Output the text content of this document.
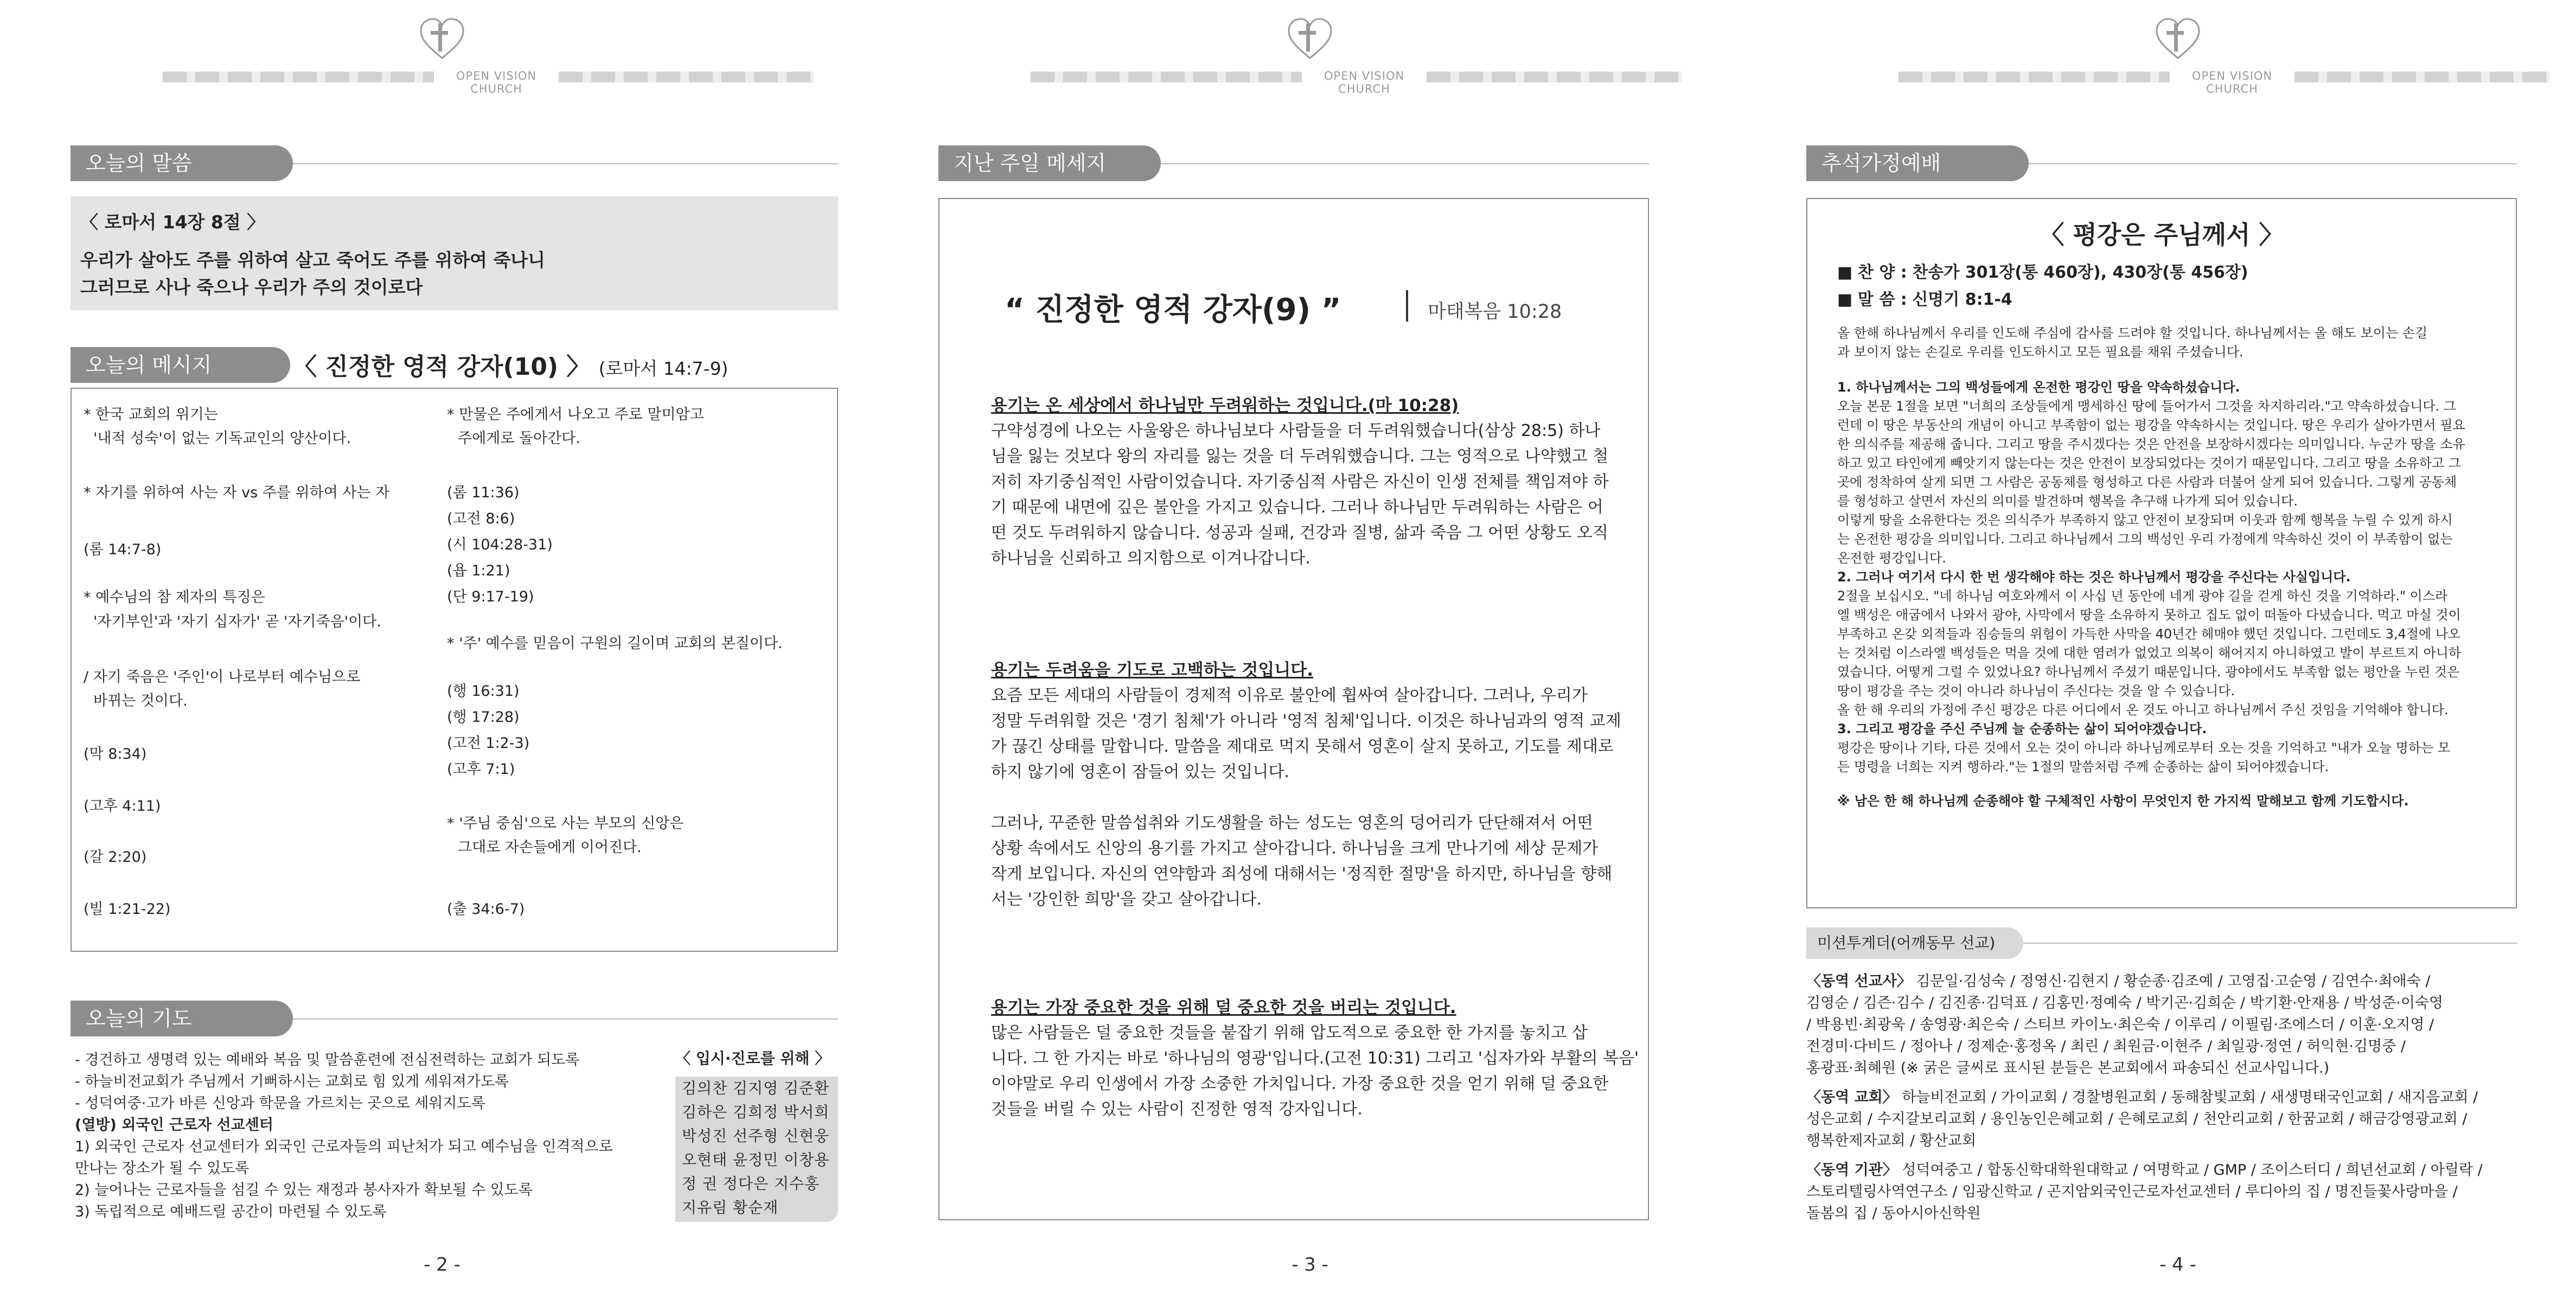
OPEN VISION CHURCH
오늘의 말씀
〈 로마서 14장 8절 〉
우리가 살아도 주를 위하여 살고 죽어도 주를 위하여 죽나니
그러므로 사나 죽으나 우리가 주의 것이로다
오늘의 메시지	〈 진정한 영적 강자(10) 〉 (로마서 14:7-9)
* 한국 교회의 위기는
'내적 성숙'이 없는 기독교인의 양산이다.
* 자기를 위하여 사는 자 vs 주를 위하여 사는 자
(롬 14:7-8)
* 예수님의 참 제자의 특징은
'자기부인'과 '자기 십자가' 곧 '자기죽음'이다.
/ 자기 죽음은 '주인'이 나로부터 예수님으로
바뀌는 것이다.
(막 8:34)
(고후 4:11)
(갈 2:20)
(빌 1:21-22)
* 만물은 주에게서 나오고 주로 말미암고
주에게로 돌아간다.
(롬 11:36)
(고전 8:6)
(시 104:28-31)
(욥 1:21)
(단 9:17-19)
* '주' 예수를 믿음이 구원의 길이며 교회의 본질이다.
(행 16:31)
(행 17:28)
(고전 1:2-3)
(고후 7:1)
* '주님 중심'으로 사는 부모의 신앙은
그대로 자손들에게 이어진다.
(출 34:6-7)
오늘의 기도
- 경건하고 생명력 있는 예배와 복음 및 말씀훈련에 전심전력하는 교회가 되도록
- 하늘비전교회가 주님께서 기뻐하시는 교회로 힘 있게 세워져가도록
- 성덕여중·고가 바른 신앙과 학문을 가르치는 곳으로 세워지도록
(열방) 외국인 근로자 선교센터
1) 외국인 근로자 선교센터가 외국인 근로자들의 피난처가 되고 예수님을 인격적으로
만나는 장소가 될 수 있도록
2) 늘어나는 근로자들을 섬길 수 있는 재정과 봉사자가 확보될 수 있도록
3) 독립적으로 예배드릴 공간이 마련될 수 있도록
〈 입시·진로를 위해 〉
김의찬 김지영 김준환
김하은 김희정 박서희
박성진 선주형 신현웅
오현태 윤정민 이창용
정 권 정다은 지수홍
지유림 황순재
- 2 -
OPEN VISION CHURCH
지난 주일 메세지
“ 진정한 영적 강자(9) ”	마태복음 10:28
용기는 온 세상에서 하나님만 두려워하는 것입니다.(마 10:28)
구약성경에 나오는 사울왕은 하나님보다 사람들을 더 두려워했습니다(삼상 28:5) 하나
님을 잃는 것보다 왕의 자리를 잃는 것을 더 두려워했습니다. 그는 영적으로 나약했고 철
저히 자기중심적인 사람이었습니다. 자기중심적 사람은 자신이 인생 전체를 책임져야 하
기 때문에 내면에 깊은 불안을 가지고 있습니다. 그러나 하나님만 두려워하는 사람은 어
떤 것도 두려워하지 않습니다. 성공과 실패, 건강과 질병, 삶과 죽음 그 어떤 상황도 오직
하나님을 신뢰하고 의지함으로 이겨나갑니다.
용기는 두려움을 기도로 고백하는 것입니다.
요즘 모든 세대의 사람들이 경제적 이유로 불안에 휩싸여 살아갑니다. 그러나, 우리가
정말 두려워할 것은 '경기 침체'가 아니라 '영적 침체'입니다. 이것은 하나님과의 영적 교제
가 끊긴 상태를 말합니다. 말씀을 제대로 먹지 못해서 영혼이 살지 못하고, 기도를 제대로
하지 않기에 영혼이 잠들어 있는 것입니다.

그러나, 꾸준한 말씀섭취와 기도생활을 하는 성도는 영혼의 덩어리가 단단해져서 어떤
상황 속에서도 신앙의 용기를 가지고 살아갑니다. 하나님을 크게 만나기에 세상 문제가
작게 보입니다. 자신의 연약함과 죄성에 대해서는 '정직한 절망'을 하지만, 하나님을 향해
서는 '강인한 희망'을 갖고 살아갑니다.
용기는 가장 중요한 것을 위해 덜 중요한 것을 버리는 것입니다.
많은 사람들은 덜 중요한 것들을 붙잡기 위해 압도적으로 중요한 한 가지를 놓치고 삽
니다. 그 한 가지는 바로 '하나님의 영광'입니다.(고전 10:31) 그리고 '십자가와 부활의 복음'
이야말로 우리 인생에서 가장 소중한 가치입니다. 가장 중요한 것을 얻기 위해 덜 중요한
것들을 버릴 수 있는 사람이 진정한 영적 강자입니다.
- 3 -
OPEN VISION CHURCH
추석가정예배
〈 평강은 주님께서 〉
■ 찬 양 : 찬송가 301장(통 460장), 430장(통 456장)
■ 말 씀 : 신명기 8:1-4
올 한해 하나님께서 우리를 인도해 주심에 감사를 드려야 할 것입니다. 하나님께서는 올 해도 보이는 손길
과 보이지 않는 손길로 우리를 인도하시고 모든 필요를 채워 주셨습니다.
1. 하나님께서는 그의 백성들에게 온전한 평강인 땅을 약속하셨습니다.
오늘 본문 1절을 보면 "너희의 조상들에게 맹세하신 땅에 들어가서 그것을 차지하리라."고 약속하셨습니다. 그
런데 이 땅은 부동산의 개념이 아니고 부족함이 없는 평강을 약속하시는 것입니다. 땅은 우리가 살아가면서 필요
한 의식주를 제공해 줍니다. 그리고 땅을 주시겠다는 것은 안전을 보장하시겠다는 의미입니다. 누군가 땅을 소유
하고 있고 타인에게 빼앗기지 않는다는 것은 안전이 보장되었다는 것이기 때문입니다. 그리고 땅을 소유하고 그
곳에 정착하여 살게 되면 그 사람은 공동체를 형성하고 다른 사람과 더불어 살게 되어 있습니다. 그렇게 공동체
를 형성하고 살면서 자신의 의미를 발견하며 행복을 추구해 나가게 되어 있습니다.
이렇게 땅을 소유한다는 것은 의식주가 부족하지 않고 안전이 보장되며 이웃과 함께 행복을 누릴 수 있게 하시
는 온전한 평강을 의미입니다. 그리고 하나님께서 그의 백성인 우리 가정에게 약속하신 것이 이 부족함이 없는
온전한 평강입니다.
2. 그러나 여기서 다시 한 번 생각해야 하는 것은 하나님께서 평강을 주신다는 사실입니다.
2절을 보십시오. "네 하나님 여호와께서 이 사십 년 동안에 네게 광야 길을 걷게 하신 것을 기억하라." 이스라
엘 백성은 애굽에서 나와서 광야, 사막에서 땅을 소유하지 못하고 집도 없이 떠돌아 다녔습니다. 먹고 마실 것이
부족하고 온갖 외적들과 짐승들의 위험이 가득한 사막을 40년간 헤매야 했던 것입니다. 그런데도 3,4절에 나오
는 것처럼 이스라엘 백성들은 먹을 것에 대한 염려가 없었고 의복이 해어지지 아니하였고 발이 부르트지 아니하
였습니다. 어떻게 그럴 수 있었나요? 하나님께서 주셨기 때문입니다. 광야에서도 부족함 없는 평안을 누린 것은
땅이 평강을 주는 것이 아니라 하나님이 주신다는 것을 알 수 있습니다.
올 한 해 우리의 가정에 주신 평강은 다른 어디에서 온 것도 아니고 하나님께서 주신 것임을 기억해야 합니다.
3. 그리고 평강을 주신 주님께 늘 순종하는 삶이 되어야겠습니다.
평강은 땅이나 기타, 다른 것에서 오는 것이 아니라 하나님께로부터 오는 것을 기억하고 "내가 오늘 명하는 모
든 명령을 너희는 지켜 행하라."는 1절의 말씀처럼 주께 순종하는 삶이 되어야겠습니다.
※ 남은 한 해 하나님께 순종해야 할 구체적인 사항이 무엇인지 한 가지씩 말해보고 함께 기도합시다.
미션투게더(어깨동무 선교)
〈동역 선교사〉 김문일·김성숙 / 정영신·김현지 / 황순종·김조예 / 고영집·고순영 / 김연수·최애숙 /
김영순 / 김즌·김수 / 김진종·김덕표 / 김홍민·정예숙 / 박기곤·김희순 / 박기환·안재용 / 박성준·이숙영
/ 박용빈·최광욱 / 송영광·최은숙 / 스티브 카이노·최은숙 / 이루리 / 이필림·조에스더 / 이훈·오지영 /
전경미·다비드 / 정아나 / 정제순·홍정옥 / 최린 / 최원금·이현주 / 최일광·정연 / 허익현·김명중 /
홍광표·최혜원 (※ 굵은 글씨로 표시된 분들은 본교회에서 파송되신 선교사입니다.)
〈동역 교회〉 하늘비전교회 / 가이교회 / 경찰병원교회 / 동해참빛교회 / 새생명태국인교회 / 새지음교회 /
성은교회 / 수지갈보리교회 / 용인농인은혜교회 / 은혜로교회 / 천안리교회 / 한꿈교회 / 해금강영광교회 /
행복한제자교회 / 황산교회
〈동역 기관〉 성덕여중고 / 합동신학대학원대학교 / 여명학교 / GMP / 조이스터디 / 희년선교회 / 아릴락 /
스토리텔링사역연구소 / 임광신학교 / 곤지암외국인근로자선교센터 / 루디아의 집 / 명진들꽃사랑마을 /
돌봄의 집 / 동아시아신학원
- 4 -
